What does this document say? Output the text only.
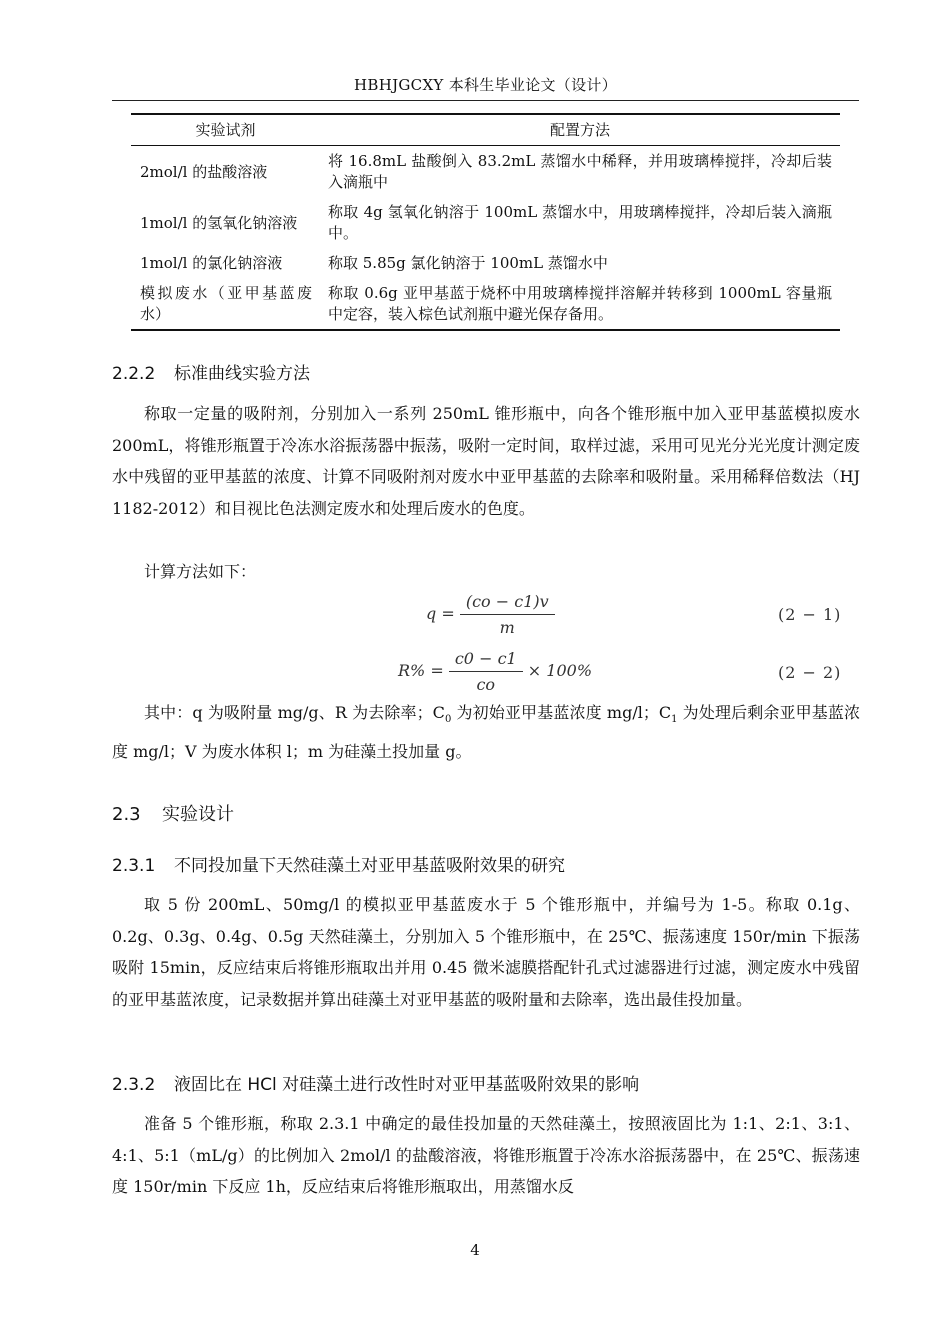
HBHJGCXY 本科生毕业论文（设计）
实验试剂	配置方法
2mol/l 的盐酸溶液	将 16.8mL 盐酸倒入 83.2mL 蒸馏水中稀释，并用玻璃棒搅拌，冷却后装入滴瓶中
1mol/l 的氢氧化钠溶液	称取 4g 氢氧化钠溶于 100mL 蒸馏水中，用玻璃棒搅拌，冷却后装入滴瓶中。
1mol/l 的氯化钠溶液	称取 5.85g 氯化钠溶于 100mL 蒸馏水中
模拟废水（亚甲基蓝废水）	称取 0.6g 亚甲基蓝于烧杯中用玻璃棒搅拌溶解并转移到 1000mL 容量瓶中定容，装入棕色试剂瓶中避光保存备用。
2.2.2 标准曲线实验方法
称取一定量的吸附剂，分别加入一系列 250mL 锥形瓶中，向各个锥形瓶中加入亚甲基蓝模拟废水 200mL，将锥形瓶置于冷冻水浴振荡器中振荡，吸附一定时间，取样过滤，采用可见光分光光度计测定废水中残留的亚甲基蓝的浓度、计算不同吸附剂对废水中亚甲基蓝的去除率和吸附量。采用稀释倍数法（HJ 1182-2012）和目视比色法测定废水和处理后废水的色度。
计算方法如下：
$q = \frac{(co - c1)v}{m}$	(2 − 1)
$R\% = \frac{c0 - c1}{co} \times 100\%$	(2 − 2)
其中：q 为吸附量 mg/g、R 为去除率；$C_0$ 为初始亚甲基蓝浓度 mg/l；$C_1$ 为处理后剩余亚甲基蓝浓度 mg/l；V 为废水体积 l；m 为硅藻土投加量 g。
2.3 实验设计
2.3.1 不同投加量下天然硅藻土对亚甲基蓝吸附效果的研究
取 5 份 200mL、50mg/l 的模拟亚甲基蓝废水于 5 个锥形瓶中，并编号为 1-5。称取 0.1g、0.2g、0.3g、0.4g、0.5g 天然硅藻土，分别加入 5 个锥形瓶中，在 25℃、振荡速度 150r/min 下振荡吸附 15min，反应结束后将锥形瓶取出并用 0.45 微米滤膜搭配针孔式过滤器进行过滤，测定废水中残留的亚甲基蓝浓度，记录数据并算出硅藻土对亚甲基蓝的吸附量和去除率，选出最佳投加量。
2.3.2 液固比在 HCl 对硅藻土进行改性时对亚甲基蓝吸附效果的影响
准备 5 个锥形瓶，称取 2.3.1 中确定的最佳投加量的天然硅藻土，按照液固比为 1:1、2:1、3:1、4:1、5:1（mL/g）的比例加入 2mol/l 的盐酸溶液，将锥形瓶置于冷冻水浴振荡器中，在 25℃、振荡速度 150r/min 下反应 1h，反应结束后将锥形瓶取出，用蒸馏水反
4
